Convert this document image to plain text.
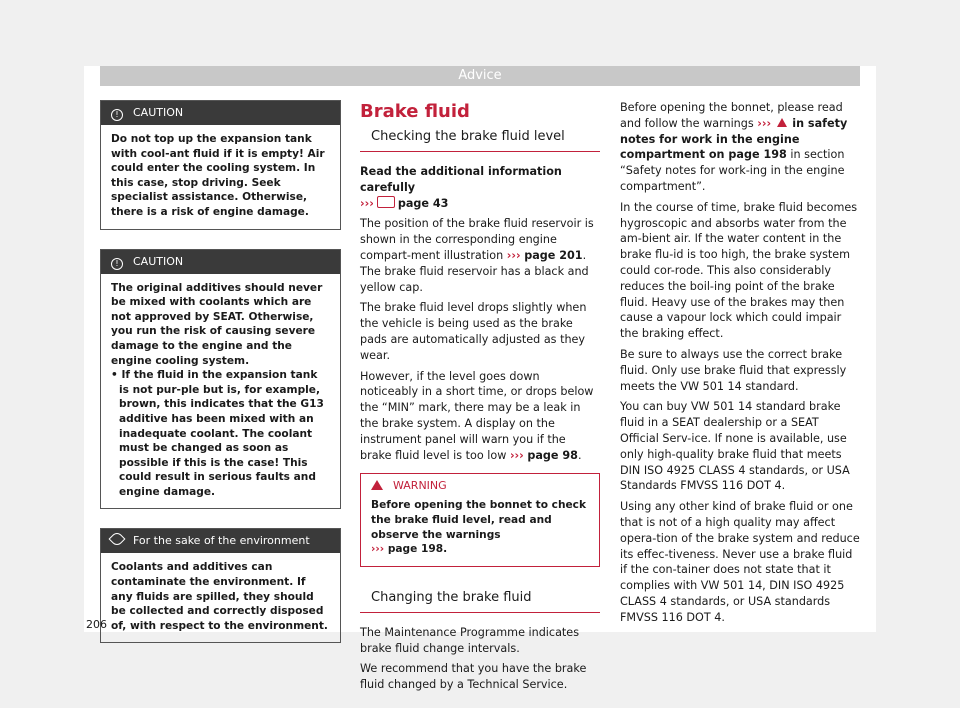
Advice
! CAUTION

Do not top up the expansion tank with cool-ant fluid if it is empty! Air could enter the cooling system. In this case, stop driving. Seek specialist assistance. Otherwise, there is a risk of engine damage.

! CAUTION

The original additives should never be mixed with coolants which are not approved by SEAT. Otherwise, you run the risk of causing severe damage to the engine and the engine cooling system.

• If the fluid in the expansion tank is not pur-ple but is, for example, brown, this indicates that the G13 additive has been mixed with an inadequate coolant. The coolant must be changed as soon as possible if this is the case! This could result in serious faults and engine damage.

For the sake of the environment

Coolants and additives can contaminate the environment. If any fluids are spilled, they should be collected and correctly disposed of, with respect to the environment.

Brake fluid
Checking the brake fluid level

Read the additional information carefully
››› page 43

The position of the brake fluid reservoir is shown in the corresponding engine compart-ment illustration ››› page 201. The brake fluid reservoir has a black and yellow cap.

The brake fluid level drops slightly when the vehicle is being used as the brake pads are automatically adjusted as they wear.

However, if the level goes down noticeably in a short time, or drops below the “MIN” mark, there may be a leak in the brake system. A display on the instrument panel will warn you if the brake fluid level is too low ››› page 98.

WARNING

Before opening the bonnet to check the brake fluid level, read and observe the warnings
››› page 198.

Changing the brake fluid

The Maintenance Programme indicates brake fluid change intervals.

We recommend that you have the brake fluid changed by a Technical Service.

Before opening the bonnet, please read and follow the warnings ››› in safety notes for work in the engine compartment on page 198 in section “Safety notes for work-ing in the engine compartment”.

In the course of time, brake fluid becomes hygroscopic and absorbs water from the am-bient air. If the water content in the brake flu-id is too high, the brake system could cor-rode. This also considerably reduces the boil-ing point of the brake fluid. Heavy use of the brakes may then cause a vapour lock which could impair the braking effect.

Be sure to always use the correct brake fluid. Only use brake fluid that expressly meets the VW 501 14 standard.

You can buy VW 501 14 standard brake fluid in a SEAT dealership or a SEAT Official Serv-ice. If none is available, use only high-quality brake fluid that meets DIN ISO 4925 CLASS 4 standards, or USA Standards FMVSS 116 DOT 4.

Using any other kind of brake fluid or one that is not of a high quality may affect opera-tion of the brake system and reduce its effec-tiveness. Never use a brake fluid if the con-tainer does not state that it complies with VW 501 14, DIN ISO 4925 CLASS 4 standards, or USA standards FMVSS 116 DOT 4.

206
